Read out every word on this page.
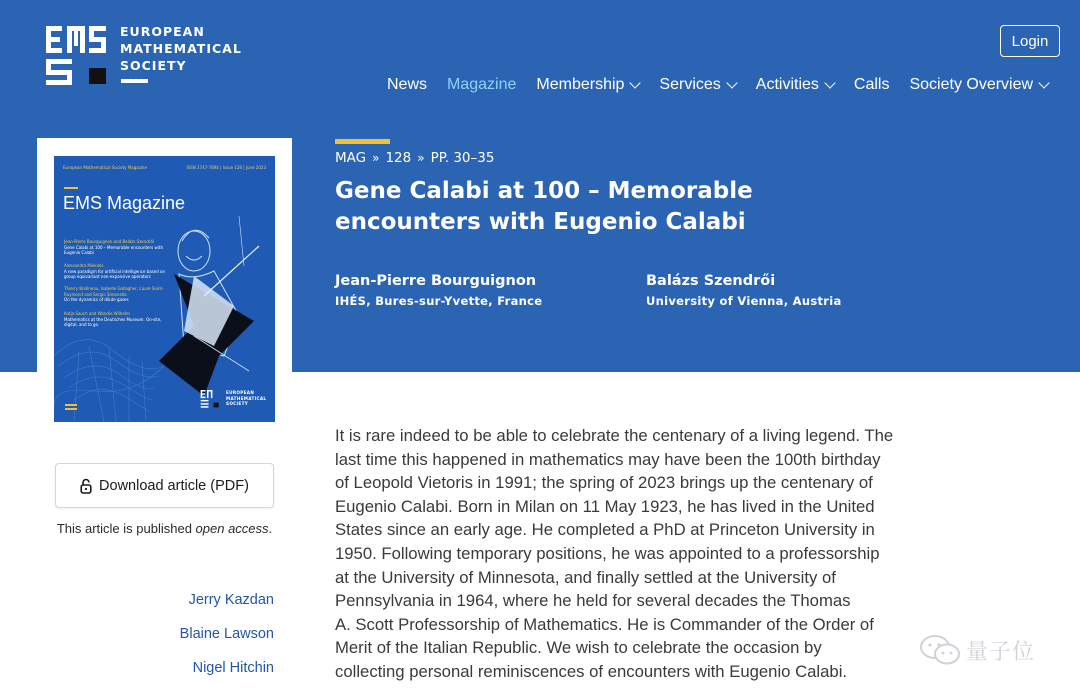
EUROPEAN
MATHEMATICAL
SOCIETY
Login
News Magazine Membership Services Activities Calls Society Overview
MAG » 128 » PP. 30–35
Gene Calabi at 100 – Memorable encounters with Eugenio Calabi
Jean-Pierre Bourguignon
IHÉS, Bures-sur-Yvette, France
Balázs Szendrői
University of Vienna, Austria
European Mathematical Society Magazine	ISSN 2747-7894 | Issue 128 | June 2023
EMS Magazine
Jean-Pierre Bourguignon and Balázs Szendrői
Gene Calabi at 100 – Memorable encounters with Eugenio Calabi
Alessandra Miekiels
A new paradigm for artificial intelligence based on group equivariant non-expansive operators
Thierry Bodineau, Isabelle Gallagher, Laure Saint-Raymond and Sergio Simonella
On the dynamics of dilute gases
Katja Sauch and Wandie Wilhelm
Mathematics at the Deutsches Museum. On-site, digital, and to go
EUROPEAN
MATHEMATICAL
SOCIETY
Download article (PDF)
This article is published open access.
Jerry Kazdan
Blaine Lawson
Nigel Hitchin
It is rare indeed to be able to celebrate the centenary of a living legend. The
last time this happened in mathematics may have been the 100th birthday
of Leopold Vietoris in 1991; the spring of 2023 brings up the centenary of
Eugenio Calabi. Born in Milan on 11 May 1923, he has lived in the United
States since an early age. He completed a PhD at Princeton University in
1950. Following temporary positions, he was appointed to a professorship
at the University of Minnesota, and finally settled at the University of
Pennsylvania in 1964, where he held for several decades the Thomas
A. Scott Professorship of Mathematics. He is Commander of the Order of
Merit of the Italian Republic. We wish to celebrate the occasion by
collecting personal reminiscences of encounters with Eugenio Calabi.
量子位
